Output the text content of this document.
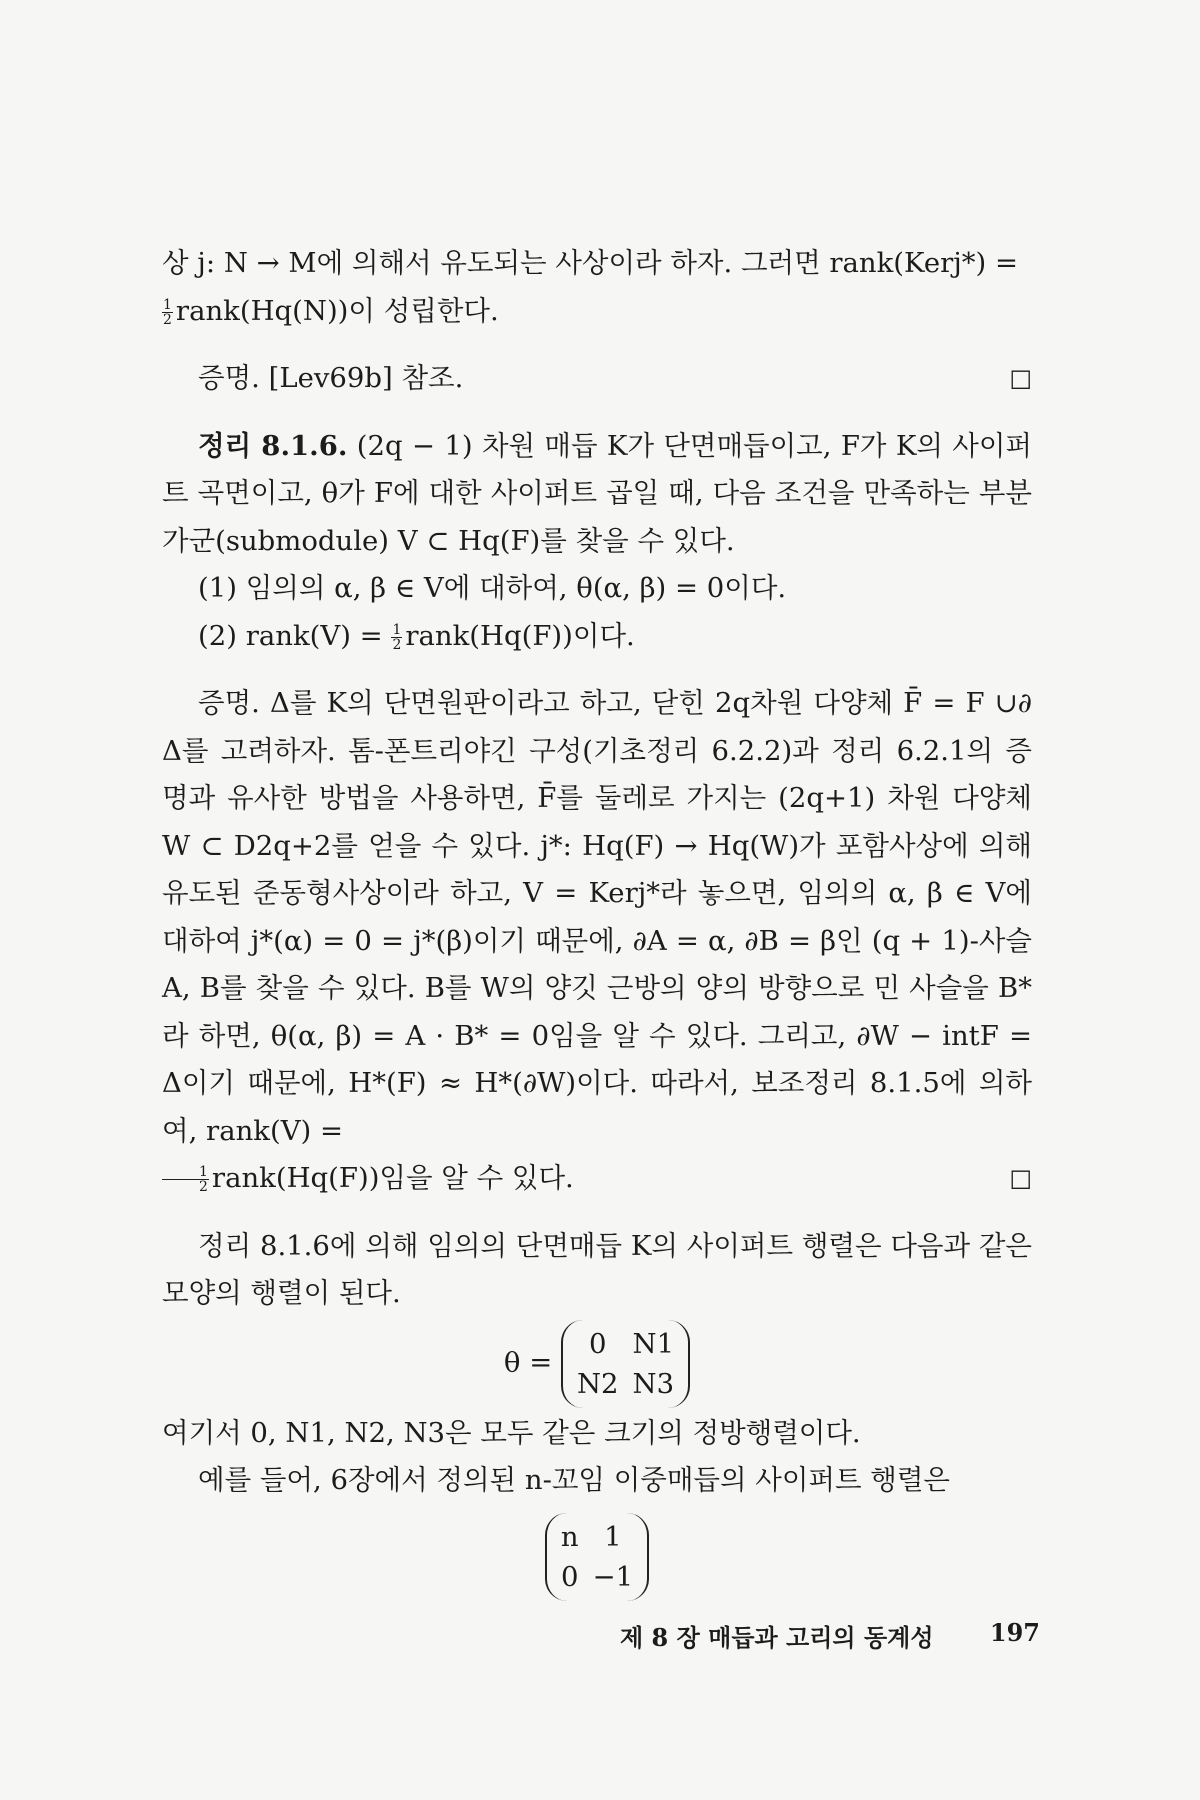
상 j: N → M에 의해서 유도되는 사상이라 하자. 그러면 rank(Kerj*) =

$\frac{1}{2}$ rank(Hq(N))이 성립한다.

증명. [Lev69b] 참조.	□

정리 8.1.6. (2q − 1) 차원 매듭 K가 단면매듭이고, F가 K의 사이퍼트 곡면이고, θ가 F에 대한 사이퍼트 곱일 때, 다음 조건을 만족하는 부분 가군(submodule) V ⊂ Hq(F)를 찾을 수 있다.

(1) 임의의 α, β ∈ V에 대하여, θ(α, β) = 0이다.

(2) rank(V) = $\frac{1}{2}$ rank(Hq(F))이다.

증명. Δ를 K의 단면원판이라고 하고, 닫힌 2q차원 다양체 F̄ = F ∪∂ Δ를 고려하자. 톰-폰트리야긴 구성(기초정리 6.2.2)과 정리 6.2.1의 증명과 유사한 방법을 사용하면, F̄를 둘레로 가지는 (2q+1) 차원 다양체 W ⊂ D2q+2를 얻을 수 있다. j*: Hq(F) → Hq(W)가 포함사상에 의해 유도된 준동형사상이라 하고, V = Kerj*라 놓으면, 임의의 α, β ∈ V에 대하여 j*(α) = 0 = j*(β)이기 때문에, ∂A = α, ∂B = β인 (q + 1)-사슬 A, B를 찾을 수 있다. B를 W의 양깃 근방의 양의 방향으로 민 사슬을 B*라 하면, θ(α, β) = A · B* = 0임을 알 수 있다. 그리고, ∂W − intF = Δ이기 때문에, H*(F) ≈ H*(∂W)이다. 따라서, 보조정리 8.1.5에 의하여, rank(V) =

$\frac{1}{2}$ rank(Hq(F))임을 알 수 있다.	□

정리 8.1.6에 의해 임의의 단면매듭 K의 사이퍼트 행렬은 다음과 같은 모양의 행렬이 된다.

θ =
0 N1
N2 N3

여기서 0, N1, N2, N3은 모두 같은 크기의 정방행렬이다.

예를 들어, 6장에서 정의된 n-꼬임 이중매듭의 사이퍼트 행렬은

n 1
0 −1
제 8 장 매듭과 고리의 동계성 197
